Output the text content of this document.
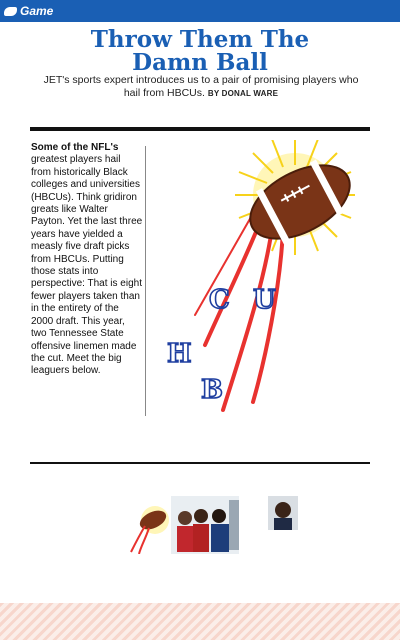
Game
Throw Them The
Damn Ball
JET's sports expert introduces us to a pair of promising players who hail from HBCUs. BY DONAL WARE
Some of the NFL's greatest players hail from historically Black colleges and universities (HBCUs). Think gridiron greats like Walter Payton. Yet the last three years have yielded a measly five draft picks from HBCUs. Putting those stats into perspective: That is eight fewer players taken than in the entirety of the 2000 draft. This year, two Tennessee State offensive linemen made the cut. Meet the big leaguers below.
H
B
C U
